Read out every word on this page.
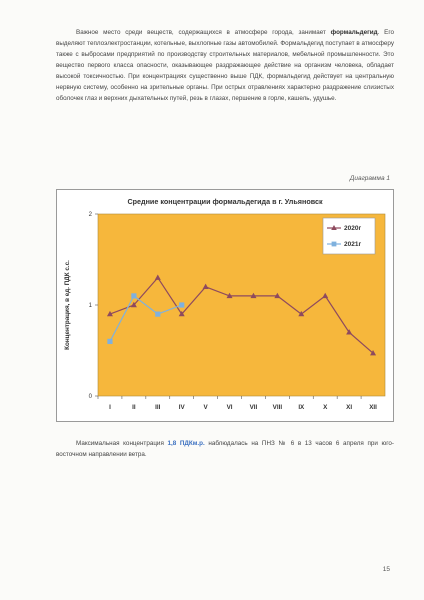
Важное место среди веществ, содержащихся в атмосфере города, занимает формальдегид. Его выделяют теплоэлектростанции, котельные, выхлопные газы автомобилей. Формальдегид поступает в атмосферу также с выбросами предприятий по производству строительных материалов, мебельной промышленности. Это вещество первого класса опасности, оказывающее раздражающее действие на организм человека, обладает высокой токсичностью. При концентрациях существенно выше ПДК, формальдегид действует на центральную нервную систему, особенно на зрительные органы. При острых отравлениях характерно раздражение слизистых оболочек глаз и верхних дыхательных путей, резь в глазах, першение в горле, кашель, удушье.

Диаграмма 1
Средние концентрации формальдегида в г. Ульяновск
Концентрация, в ед. ПДК с.с.
0
1
2
I	II	III	IV	V	VI	VII VIII	IX	X	XI	XII
2020г
2021г

Максимальная концентрация 1,8 ПДКм.р. наблюдалась на ПНЗ № 6 в 13 часов 6 апреля при юго-восточном направлении ветра.

15
